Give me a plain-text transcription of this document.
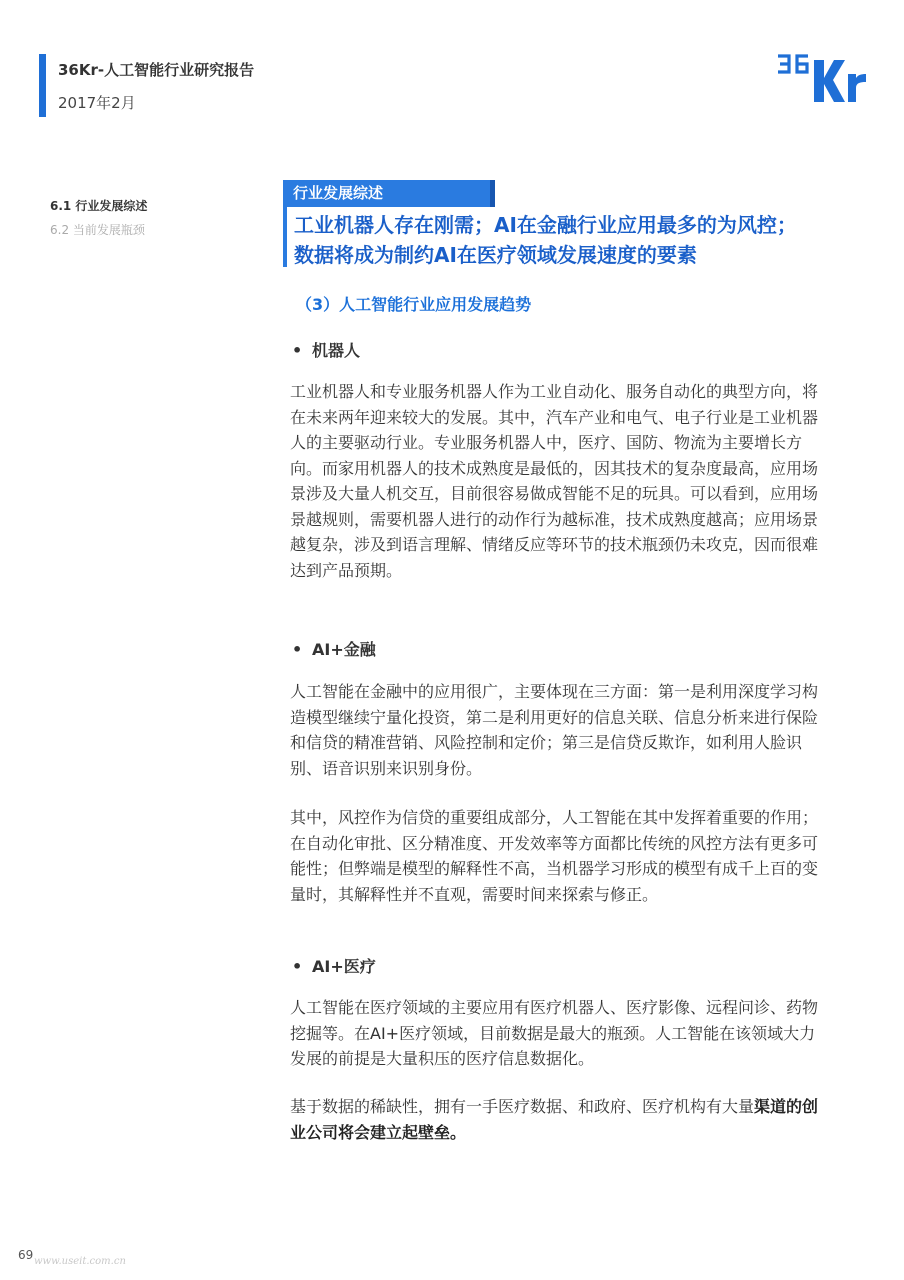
36Kr-人工智能行业研究报告
2017年2月
6.1 行业发展综述
6.2 当前发展瓶颈
行业发展综述
工业机器人存在刚需；AI在金融行业应用最多的为风控；
数据将成为制约AI在医疗领域发展速度的要素
（3）人工智能行业应用发展趋势
• 机器人
工业机器人和专业服务机器人作为工业自动化、服务自动化的典型方向，将在未来两年迎来较大的发展。其中，汽车产业和电气、电子行业是工业机器人的主要驱动行业。专业服务机器人中，医疗、国防、物流为主要增长方向。而家用机器人的技术成熟度是最低的，因其技术的复杂度最高，应用场景涉及大量人机交互，目前很容易做成智能不足的玩具。可以看到，应用场景越规则，需要机器人进行的动作行为越标准，技术成熟度越高；应用场景越复杂，涉及到语言理解、情绪反应等环节的技术瓶颈仍未攻克，因而很难达到产品预期。
• AI+金融
人工智能在金融中的应用很广，主要体现在三方面：第一是利用深度学习构造模型继续宁量化投资，第二是利用更好的信息关联、信息分析来进行保险和信贷的精准营销、风险控制和定价；第三是信贷反欺诈，如利用人脸识别、语音识别来识别身份。
其中，风控作为信贷的重要组成部分，人工智能在其中发挥着重要的作用；在自动化审批、区分精准度、开发效率等方面都比传统的风控方法有更多可能性；但弊端是模型的解释性不高，当机器学习形成的模型有成千上百的变量时，其解释性并不直观，需要时间来探索与修正。
• AI+医疗
人工智能在医疗领域的主要应用有医疗机器人、医疗影像、远程问诊、药物挖掘等。在AI+医疗领域，目前数据是最大的瓶颈。人工智能在该领域大力发展的前提是大量积压的医疗信息数据化。
基于数据的稀缺性，拥有一手医疗数据、和政府、医疗机构有大量渠道的创业公司将会建立起壁垒。
69 www.useit.com.cn
